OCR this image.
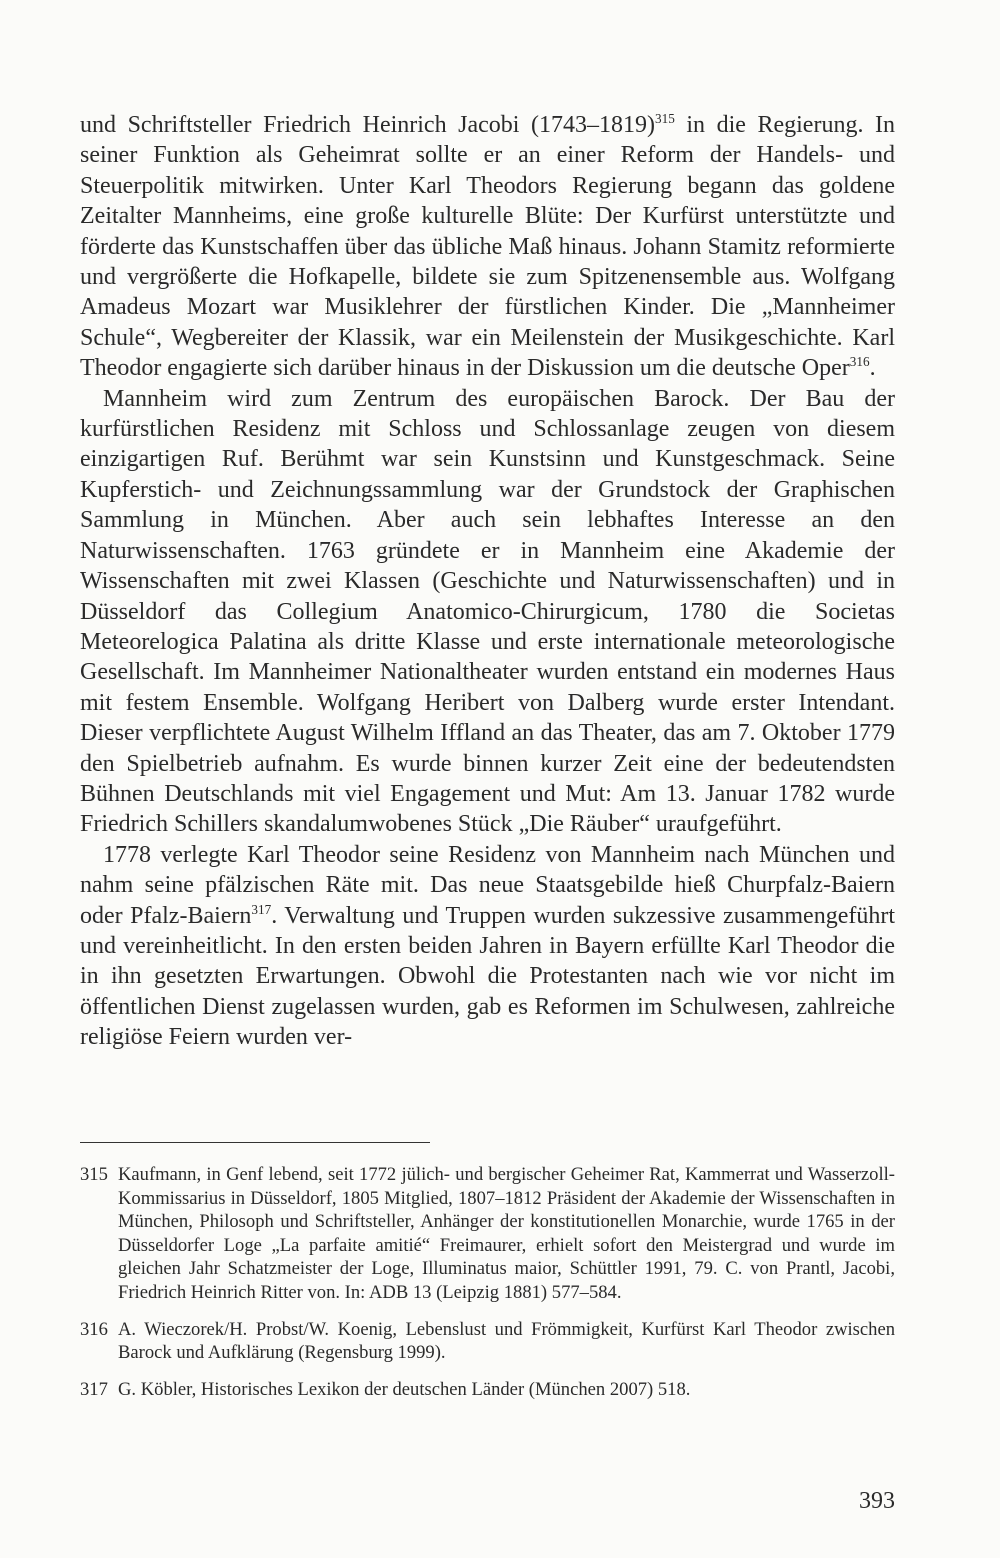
und Schriftsteller Friedrich Heinrich Jacobi (1743–1819)$^{315}$ in die Regierung. In seiner Funktion als Geheimrat sollte er an einer Reform der Handels- und Steuerpolitik mitwirken. Unter Karl Theodors Regierung begann das goldene Zeitalter Mannheims, eine große kulturelle Blüte: Der Kurfürst unterstützte und förderte das Kunstschaffen über das übliche Maß hinaus. Johann Stamitz reformierte und vergrößerte die Hofkapelle, bildete sie zum Spitzenensemble aus. Wolfgang Amadeus Mozart war Musiklehrer der fürstlichen Kinder. Die „Mannheimer Schule“, Wegbereiter der Klassik, war ein Meilenstein der Musikgeschichte. Karl Theodor engagierte sich darüber hinaus in der Diskussion um die deutsche Oper$^{316}$.

Mannheim wird zum Zentrum des europäischen Barock. Der Bau der kurfürstlichen Residenz mit Schloss und Schlossanlage zeugen von diesem einzigartigen Ruf. Berühmt war sein Kunstsinn und Kunstgeschmack. Seine Kupferstich- und Zeichnungssammlung war der Grundstock der Graphischen Sammlung in München. Aber auch sein lebhaftes Interesse an den Naturwissenschaften. 1763 gründete er in Mannheim eine Akademie der Wissenschaften mit zwei Klassen (Geschichte und Naturwissenschaften) und in Düsseldorf das Collegium Anatomico-Chirurgicum, 1780 die Societas Meteorelogica Palatina als dritte Klasse und erste internationale meteorologische Gesellschaft. Im Mannheimer Nationaltheater wurden entstand ein modernes Haus mit festem Ensemble. Wolfgang Heribert von Dalberg wurde erster Intendant. Dieser verpflichtete August Wilhelm Iffland an das Theater, das am 7. Oktober 1779 den Spielbetrieb aufnahm. Es wurde binnen kurzer Zeit eine der bedeutendsten Bühnen Deutschlands mit viel Engagement und Mut: Am 13. Januar 1782 wurde Friedrich Schillers skandalumwobenes Stück „Die Räuber“ uraufgeführt.

1778 verlegte Karl Theodor seine Residenz von Mannheim nach München und nahm seine pfälzischen Räte mit. Das neue Staatsgebilde hieß Churpfalz-Baiern oder Pfalz-Baiern$^{317}$. Verwaltung und Truppen wurden sukzessive zusammengeführt und vereinheitlicht. In den ersten beiden Jahren in Bayern erfüllte Karl Theodor die in ihn gesetzten Erwartungen. Obwohl die Protestanten nach wie vor nicht im öffentlichen Dienst zugelassen wurden, gab es Reformen im Schulwesen, zahlreiche religiöse Feiern wurden ver-

315 Kaufmann, in Genf lebend, seit 1772 jülich- und bergischer Geheimer Rat, Kammerrat und Wasserzoll-Kommissarius in Düsseldorf, 1805 Mitglied, 1807–1812 Präsident der Akademie der Wissenschaften in München, Philosoph und Schriftsteller, Anhänger der konstitutionellen Monarchie, wurde 1765 in der Düsseldorfer Loge „La parfaite amitié“ Freimaurer, erhielt sofort den Meistergrad und wurde im gleichen Jahr Schatzmeister der Loge, Illuminatus maior, Schüttler 1991, 79. C. von Prantl, Jacobi, Friedrich Heinrich Ritter von. In: ADB 13 (Leipzig 1881) 577–584.
316 A. Wieczorek/H. Probst/W. Koenig, Lebenslust und Frömmigkeit, Kurfürst Karl Theodor zwischen Barock und Aufklärung (Regensburg 1999).
317 G. Köbler, Historisches Lexikon der deutschen Länder (München 2007) 518.
393
